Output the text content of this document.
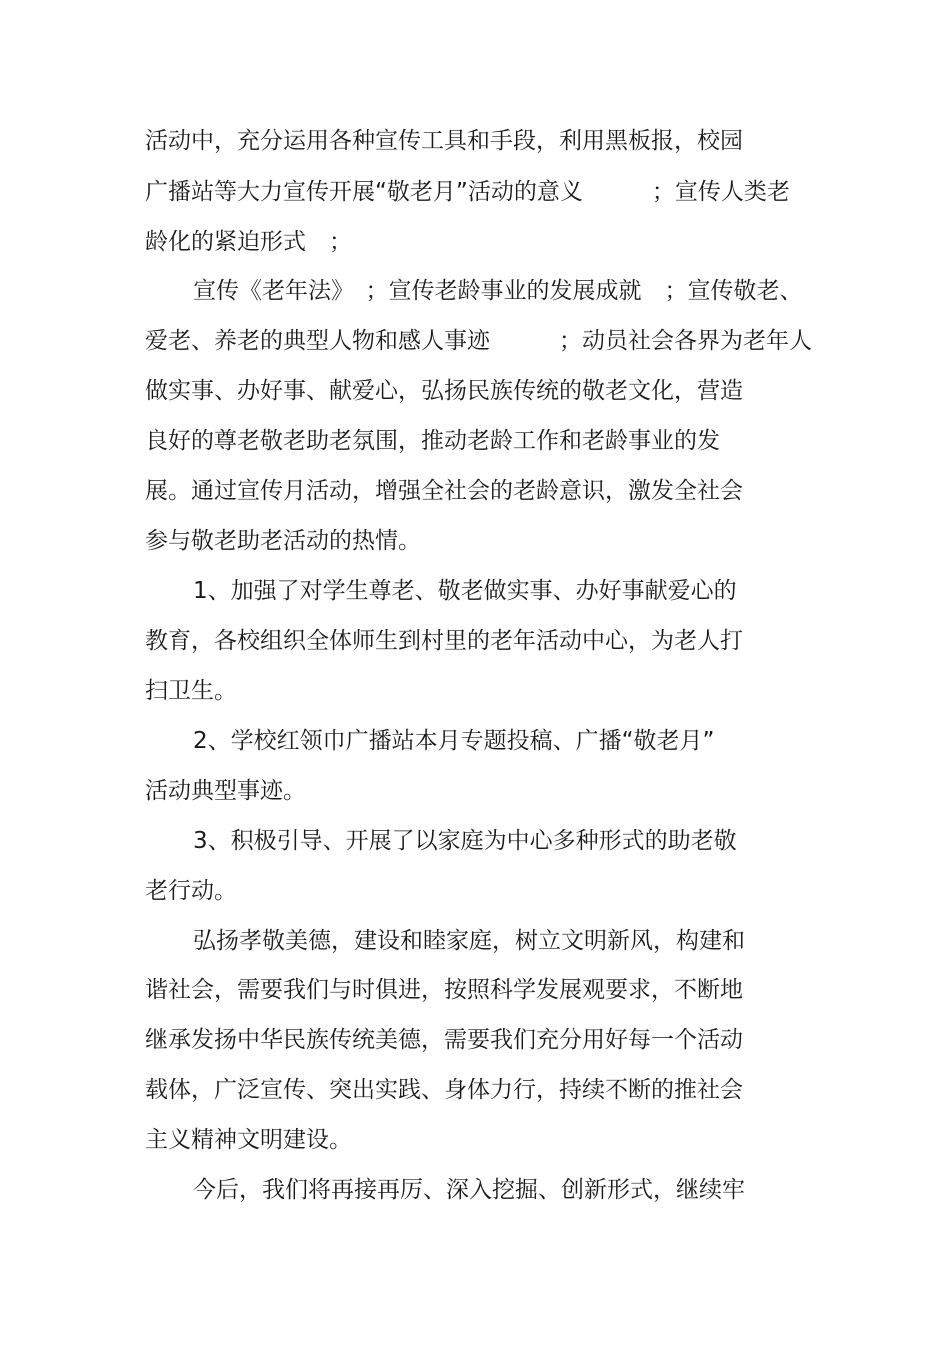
活动中，充分运用各种宣传工具和手段，利用黑板报，校园
广播站等大力宣传开展“敬老月”活动的意义　　　；宣传人类老
龄化的紧迫形式　；
宣传《老年法》　；宣传老龄事业的发展成就　；宣传敬老、
爱老、养老的典型人物和感人事迹　　　；动员社会各界为老年人
做实事、办好事、献爱心，弘扬民族传统的敬老文化，营造
良好的尊老敬老助老氛围，推动老龄工作和老龄事业的发
展。通过宣传月活动，增强全社会的老龄意识，激发全社会
参与敬老助老活动的热情。
1、加强了对学生尊老、敬老做实事、办好事献爱心的
教育，各校组织全体师生到村里的老年活动中心，为老人打
扫卫生。
2、学校红领巾广播站本月专题投稿、广播“敬老月”
活动典型事迹。
3、积极引导、开展了以家庭为中心多种形式的助老敬
老行动。
弘扬孝敬美德，建设和睦家庭，树立文明新风，构建和
谐社会，需要我们与时俱进，按照科学发展观要求，不断地
继承发扬中华民族传统美德，需要我们充分用好每一个活动
载体，广泛宣传、突出实践、身体力行，持续不断的推社会
主义精神文明建设。
今后，我们将再接再厉、深入挖掘、创新形式，继续牢
